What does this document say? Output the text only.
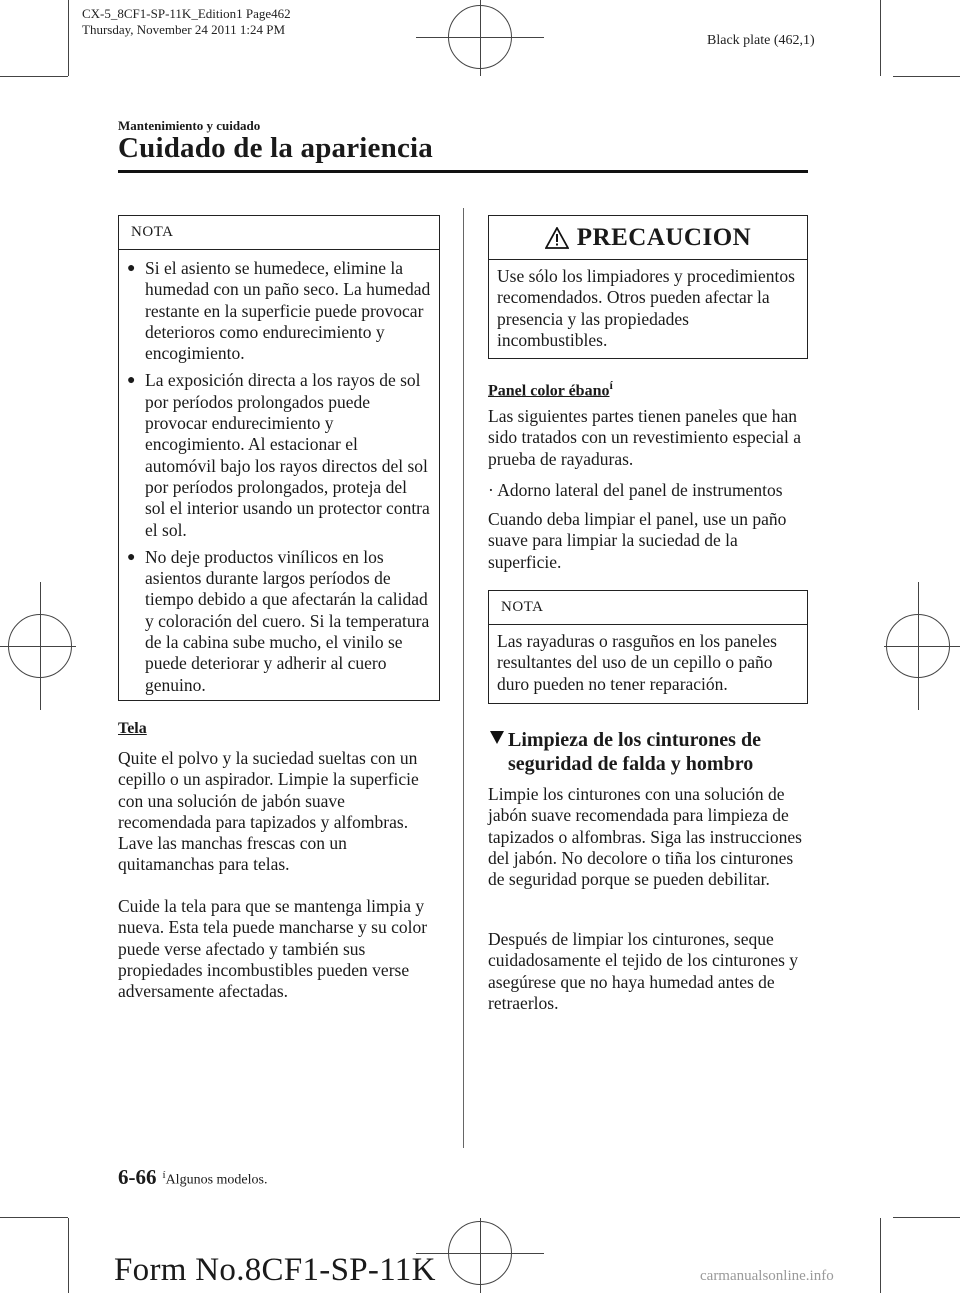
CX-5_8CF1-SP-11K_Edition1 Page462
Thursday, November 24 2011 1:24 PM
Black plate (462,1)
Mantenimiento y cuidado
Cuidado de la apariencia
NOTA
● Si el asiento se humedece, elimine la humedad con un paño seco. La humedad restante en la superficie puede provocar deterioros como endurecimiento y encogimiento.
● La exposición directa a los rayos de sol por períodos prolongados puede provocar endurecimiento y encogimiento. Al estacionar el automóvil bajo los rayos directos del sol por períodos prolongados, proteja del sol el interior usando un protector contra el sol.
● No deje productos vinílicos en los asientos durante largos períodos de tiempo debido a que afectarán la calidad y coloración del cuero. Si la temperatura de la cabina sube mucho, el vinilo se puede deteriorar y adherir al cuero genuino.
Tela
Quite el polvo y la suciedad sueltas con un cepillo o un aspirador. Limpie la superficie con una solución de jabón suave recomendada para tapizados y alfombras. Lave las manchas frescas con un quitamanchas para telas.
Cuide la tela para que se mantenga limpia y nueva. Esta tela puede mancharse y su color puede verse afectado y también sus propiedades incombustibles pueden verse adversamente afectadas.
PRECAUCION
Use sólo los limpiadores y procedimientos recomendados. Otros pueden afectar la presencia y las propiedades incombustibles.
Panel color ébanoí
Las siguientes partes tienen paneles que han sido tratados con un revestimiento especial a prueba de rayaduras.
· Adorno lateral del panel de instrumentos
Cuando deba limpiar el panel, use un paño suave para limpiar la suciedad de la superficie.
NOTA
Las rayaduras o rasguños en los paneles resultantes del uso de un cepillo o paño duro pueden no tener reparación.
Limpieza de los cinturones de
seguridad de falda y hombro
Limpie los cinturones con una solución de jabón suave recomendada para limpieza de tapizados o alfombras. Siga las instrucciones del jabón. No decolore o tiña los cinturones de seguridad porque se pueden debilitar.
Después de limpiar los cinturones, seque cuidadosamente el tejido de los cinturones y asegúrese que no haya humedad antes de retraerlos.
6-66 $^í$Algunos modelos.
Form No.8CF1-SP-11K	carmanualsonline.info
